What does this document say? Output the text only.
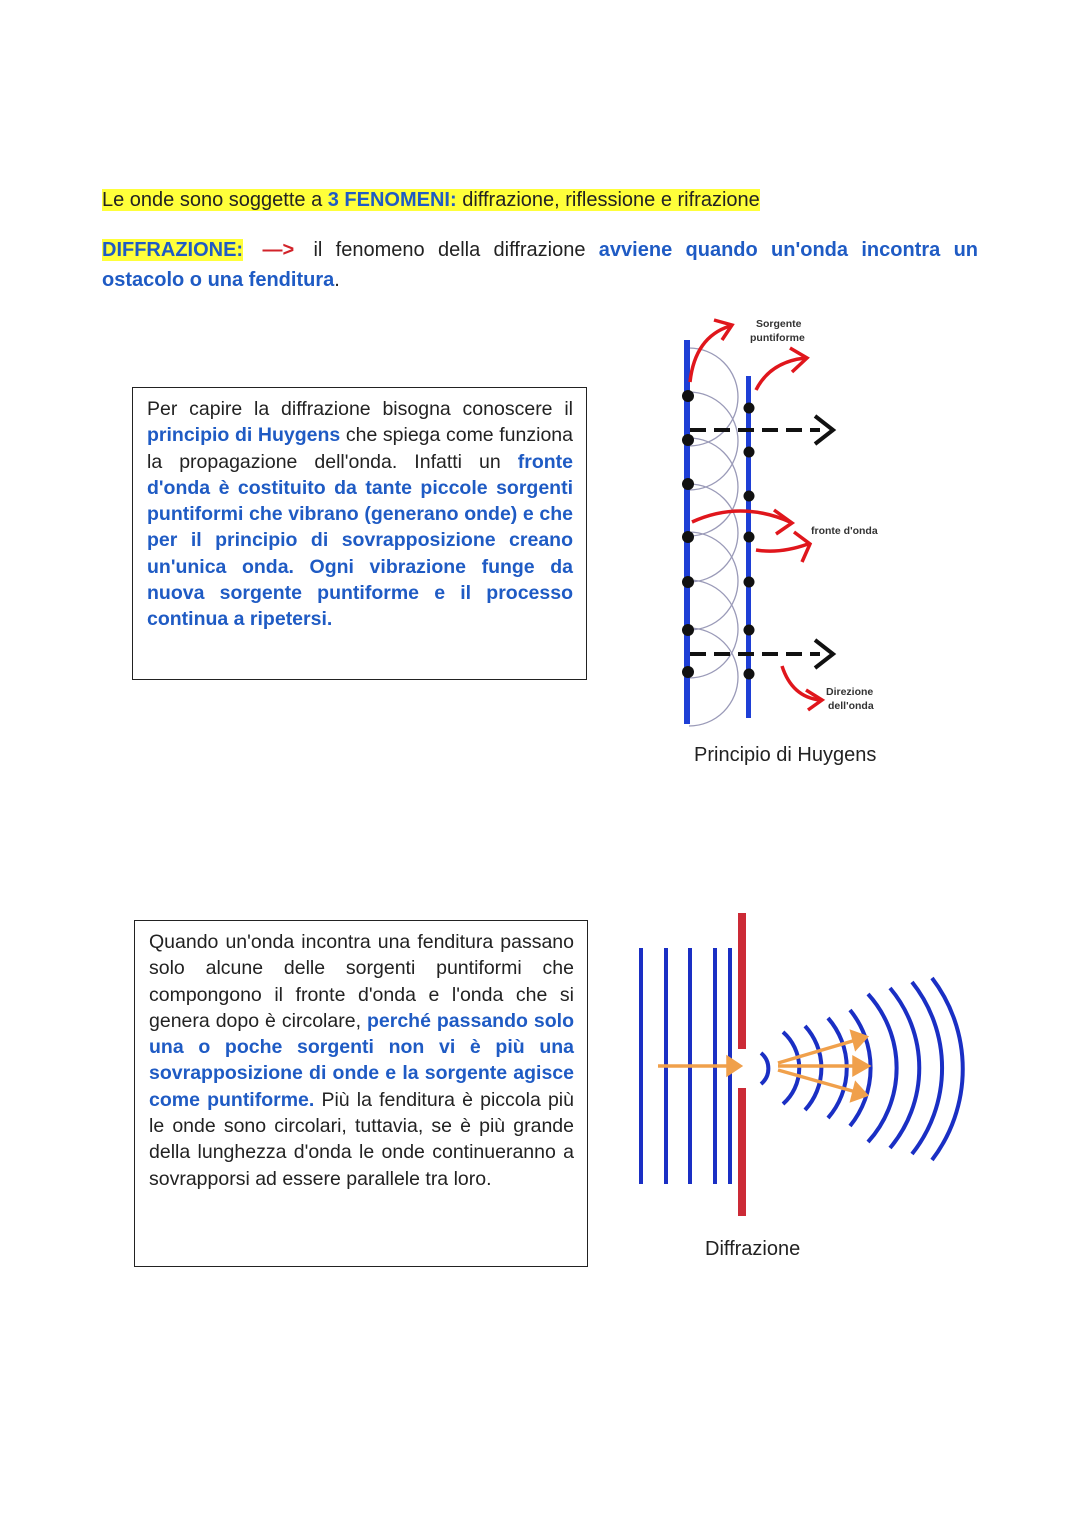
Le onde sono soggette a 3 FENOMENI: diffrazione, riflessione e rifrazione
DIFFRAZIONE: —> il fenomeno della diffrazione avviene quando un'onda incontra un ostacolo o una fenditura.
Per capire la diffrazione bisogna conoscere il principio di Huygens che spiega come funziona la propagazione dell'onda. Infatti un fronte d'onda è costituito da tante piccole sorgenti puntiformi che vibrano (generano onde) e che per il principio di sovrapposizione creano un'unica onda. Ogni vibrazione funge da nuova sorgente puntiforme e il processo continua a ripetersi.
Sorgente
puntiforme
fronte d'onda
Direzione
dell'onda
Principio di Huygens
Quando un'onda incontra una fenditura passano solo alcune delle sorgenti puntiformi che compongono il fronte d'onda e l'onda che si genera dopo è circolare, perché passando solo una o poche sorgenti non vi è più una sovrapposizione di onde e la sorgente agisce come puntiforme. Più la fenditura è piccola più le onde sono circolari, tuttavia, se è più grande della lunghezza d'onda le onde continueranno a sovrapporsi ad essere parallele tra loro.
Diffrazione
